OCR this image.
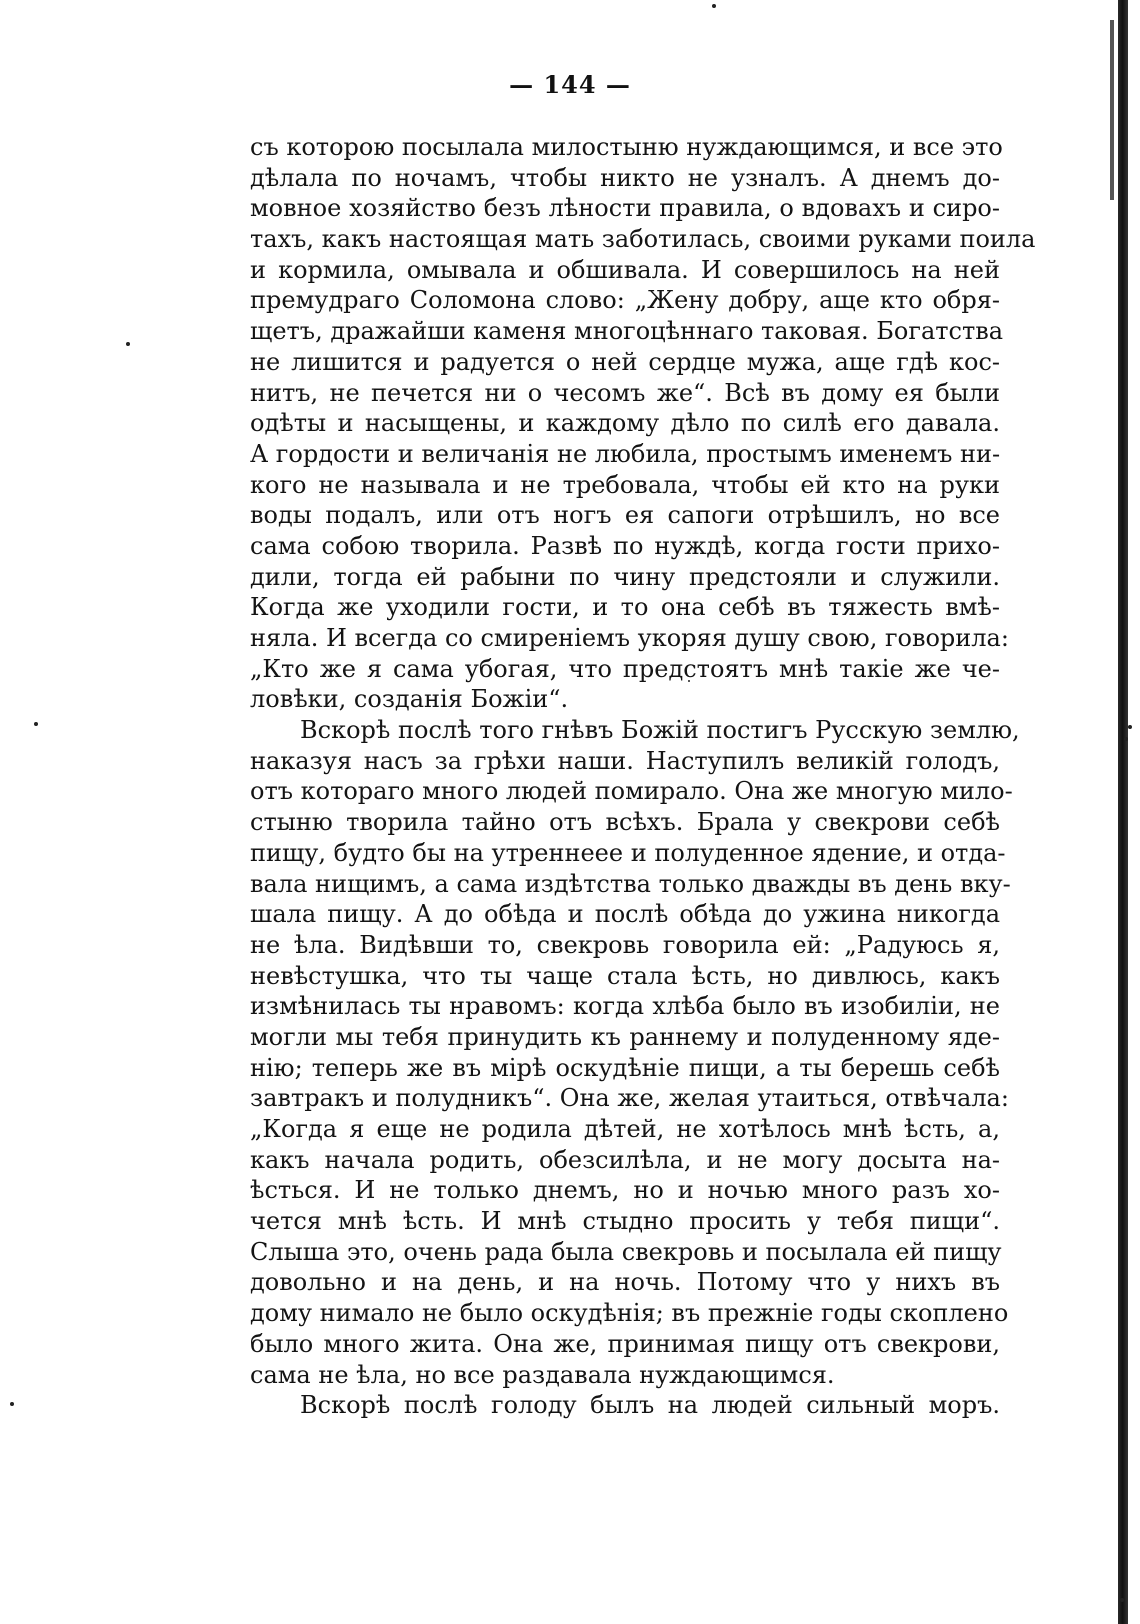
— 144 —
съ которою посылала милостыню нуждающимся, и все это
дѣлала по ночамъ, чтобы никто не узналъ. А днемъ до-
мовное хозяйство безъ лѣности правила, о вдовахъ и сиро-
тахъ, какъ настоящая мать заботилась, своими руками поила
и кормила, омывала и обшивала. И совершилось на ней
премудраго Соломона слово: „Жену добру, аще кто обря-
щетъ, дражайши каменя многоцѣннаго таковая. Богатства
не лишится и радуется о ней сердце мужа, аще гдѣ кос-
нитъ, не печется ни о чесомъ же“. Всѣ въ дому ея были
одѣты и насыщены, и каждому дѣло по силѣ его давала.
А гордости и величанія не любила, простымъ именемъ ни-
кого не называла и не требовала, чтобы ей кто на руки
воды подалъ, или отъ ногъ ея сапоги отрѣшилъ, но все
сама собою творила. Развѣ по нуждѣ, когда гости прихо-
дили, тогда ей рабыни по чину предстояли и служили.
Когда же уходили гости, и то она себѣ въ тяжесть вмѣ-
няла. И всегда со смиреніемъ укоряя душу свою, говорила:
„Кто же я сама убогая, что предстоятъ мнѣ такіе же че-
ловѣки, созданія Божіи“.
Вскорѣ послѣ того гнѣвъ Божій постигъ Русскую землю,
наказуя насъ за грѣхи наши. Наступилъ великій голодъ,
отъ котораго много людей помирало. Она же многую мило-
стыню творила тайно отъ всѣхъ. Брала у свекрови себѣ
пищу, будто бы на утреннеее и полуденное ядение, и отда-
вала нищимъ, а сама издѣтства только дважды въ день вку-
шала пищу. А до обѣда и послѣ обѣда до ужина никогда
не ѣла. Видѣвши то, свекровь говорила ей: „Радуюсь я,
невѣстушка, что ты чаще стала ѣсть, но дивлюсь, какъ
измѣнилась ты нравомъ: когда хлѣба было въ изобиліи, не
могли мы тебя принудить къ раннему и полуденному яде-
нію; теперь же въ мірѣ оскудѣніе пищи, а ты берешь себѣ
завтракъ и полудникъ“. Она же, желая утаиться, отвѣчала:
„Когда я еще не родила дѣтей, не хотѣлось мнѣ ѣсть, а,
какъ начала родить, обезсилѣла, и не могу досыта на-
ѣсться. И не только днемъ, но и ночью много разъ хо-
чется мнѣ ѣсть. И мнѣ стыдно просить у тебя пищи“.
Слыша это, очень рада была свекровь и посылала ей пищу
довольно и на день, и на ночь. Потому что у нихъ въ
дому нимало не было оскудѣнія; въ прежніе годы скоплено
было много жита. Она же, принимая пищу отъ свекрови,
сама не ѣла, но все раздавала нуждающимся.
Вскорѣ послѣ голоду былъ на людей сильный моръ.
